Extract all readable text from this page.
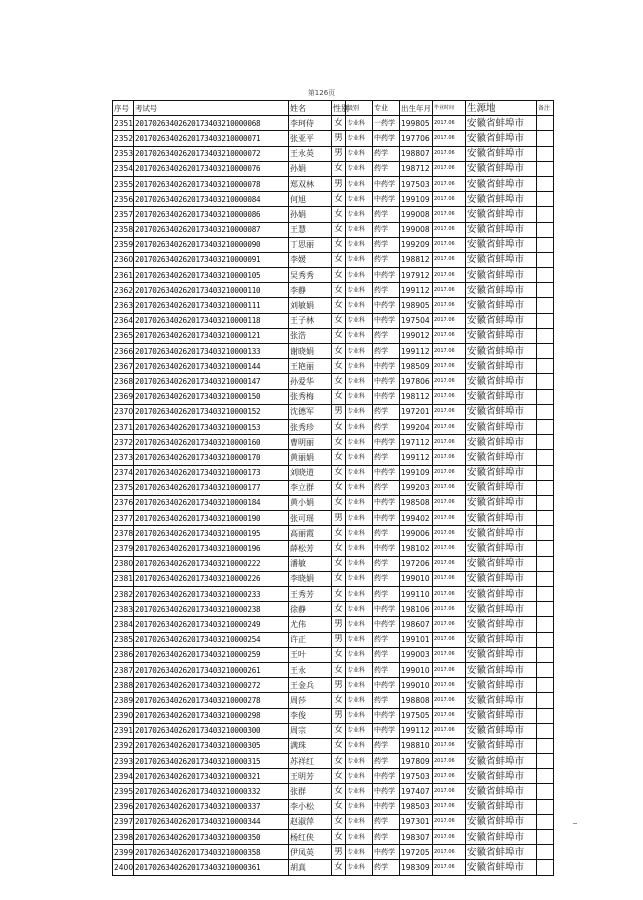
第126页
序号	考试号	姓名	性别	级别	专业	出生年月	毕业时间	生源地	备注
2351	20170263402620173403210000068	李珂侍	女	专业科	一药学	199805	2017.06	安徽省蚌埠市	
2352	20170263402620173403210000071	张亚平	男	专业科	中药学	197706	2017.06	安徽省蚌埠市	
2353	20170263402620173403210000072	王永英	男	专业科	药学	198807	2017.06	安徽省蚌埠市	
2354	20170263402620173403210000076	孙娟	女	专业科	药学	198712	2017.06	安徽省蚌埠市	
2355	20170263402620173403210000078	郑双林	男	专业科	中药学	197503	2017.06	安徽省蚌埠市	
2356	20170263402620173403210000084	何旭	女	专业科	中药学	199109	2017.06	安徽省蚌埠市	
2357	20170263402620173403210000086	孙娟	女	专业科	药学	199008	2017.06	安徽省蚌埠市	
2358	20170263402620173403210000087	王慧	女	专业科	药学	199008	2017.06	安徽省蚌埠市	
2359	20170263402620173403210000090	丁思丽	女	专业科	药学	199209	2017.06	安徽省蚌埠市	
2360	20170263402620173403210000091	李媛	女	专业科	药学	198812	2017.06	安徽省蚌埠市	
2361	20170263402620173403210000105	吴秀秀	女	专业科	中药学	197912	2017.06	安徽省蚌埠市	
2362	20170263402620173403210000110	李静	女	专业科	药学	199112	2017.06	安徽省蚌埠市	
2363	20170263402620173403210000111	刘敏娟	女	专业科	中药学	198905	2017.06	安徽省蚌埠市	
2364	20170263402620173403210000118	王子林	女	专业科	中药学	197504	2017.06	安徽省蚌埠市	
2365	20170263402620173403210000121	张浩	女	专业科	药学	199012	2017.06	安徽省蚌埠市	
2366	20170263402620173403210000133	谢晓娟	女	专业科	药学	199112	2017.06	安徽省蚌埠市	
2367	20170263402620173403210000144	王艳丽	女	专业科	中药学	198509	2017.06	安徽省蚌埠市	
2368	20170263402620173403210000147	孙爱华	女	专业科	中药学	197806	2017.06	安徽省蚌埠市	
2369	20170263402620173403210000150	张秀梅	女	专业科	中药学	198112	2017.06	安徽省蚌埠市	
2370	20170263402620173403210000152	沈德军	男	专业科	药学	197201	2017.06	安徽省蚌埠市	
2371	20170263402620173403210000153	张秀珍	女	专业科	药学	199204	2017.06	安徽省蚌埠市	
2372	20170263402620173403210000160	曹明丽	女	专业科	中药学	197112	2017.06	安徽省蚌埠市	
2373	20170263402620173403210000170	黄丽娟	女	专业科	药学	199112	2017.06	安徽省蚌埠市	
2374	20170263402620173403210000173	刘晓道	女	专业科	中药学	199109	2017.06	安徽省蚌埠市	
2375	20170263402620173403210000177	李立群	女	专业科	药学	199203	2017.06	安徽省蚌埠市	
2376	20170263402620173403210000184	黄小娟	女	专业科	中药学	198508	2017.06	安徽省蚌埠市	
2377	20170263402620173403210000190	张可瑶	男	专业科	中药学	199402	2017.06	安徽省蚌埠市	
2378	20170263402620173403210000195	高丽霞	女	专业科	药学	199006	2017.06	安徽省蚌埠市	
2379	20170263402620173403210000196	薛松芳	女	专业科	中药学	198102	2017.06	安徽省蚌埠市	
2380	20170263402620173403210000222	潘敏	女	专业科	药学	197206	2017.06	安徽省蚌埠市	
2381	20170263402620173403210000226	李晓娟	女	专业科	药学	199010	2017.06	安徽省蚌埠市	
2382	20170263402620173403210000233	王秀芳	女	专业科	药学	199110	2017.06	安徽省蚌埠市	
2383	20170263402620173403210000238	徐静	女	专业科	中药学	198106	2017.06	安徽省蚌埠市	
2384	20170263402620173403210000249	尤伟	男	专业科	中药学	198607	2017.06	安徽省蚌埠市	
2385	20170263402620173403210000254	许正	男	专业科	药学	199101	2017.06	安徽省蚌埠市	
2386	20170263402620173403210000259	王叶	女	专业科	药学	199003	2017.06	安徽省蚌埠市	
2387	20170263402620173403210000261	王永	女	专业科	药学	199010	2017.06	安徽省蚌埠市	
2388	20170263402620173403210000272	王金兵	男	专业科	中药学	199010	2017.06	安徽省蚌埠市	
2389	20170263402620173403210000278	周莎	女	专业科	药学	198808	2017.06	安徽省蚌埠市	
2390	20170263402620173403210000298	李俊	男	专业科	中药学	197505	2017.06	安徽省蚌埠市	
2391	20170263402620173403210000300	周宗	女	专业科	中药学	199112	2017.06	安徽省蚌埠市	
2392	20170263402620173403210000305	满珠	女	专业科	药学	198810	2017.06	安徽省蚌埠市	
2393	20170263402620173403210000315	苏祥红	女	专业科	药学	197809	2017.06	安徽省蚌埠市	
2394	20170263402620173403210000321	王明芳	女	专业科	中药学	197503	2017.06	安徽省蚌埠市	
2395	20170263402620173403210000332	张群	女	专业科	中药学	197407	2017.06	安徽省蚌埠市	
2396	20170263402620173403210000337	李小松	女	专业科	中药学	198503	2017.06	安徽省蚌埠市	
2397	20170263402620173403210000344	赵淑萍	女	专业科	药学	197301	2017.06	安徽省蚌埠市	
2398	20170263402620173403210000350	杨红侠	女	专业科	药学	198307	2017.06	安徽省蚌埠市	
2399	20170263402620173403210000358	伊凤英	男	专业科	中药学	197205	2017.06	安徽省蚌埠市	
2400	20170263402620173403210000361	胡真	女	专业科	药学	198309	2017.06	安徽省蚌埠市	
